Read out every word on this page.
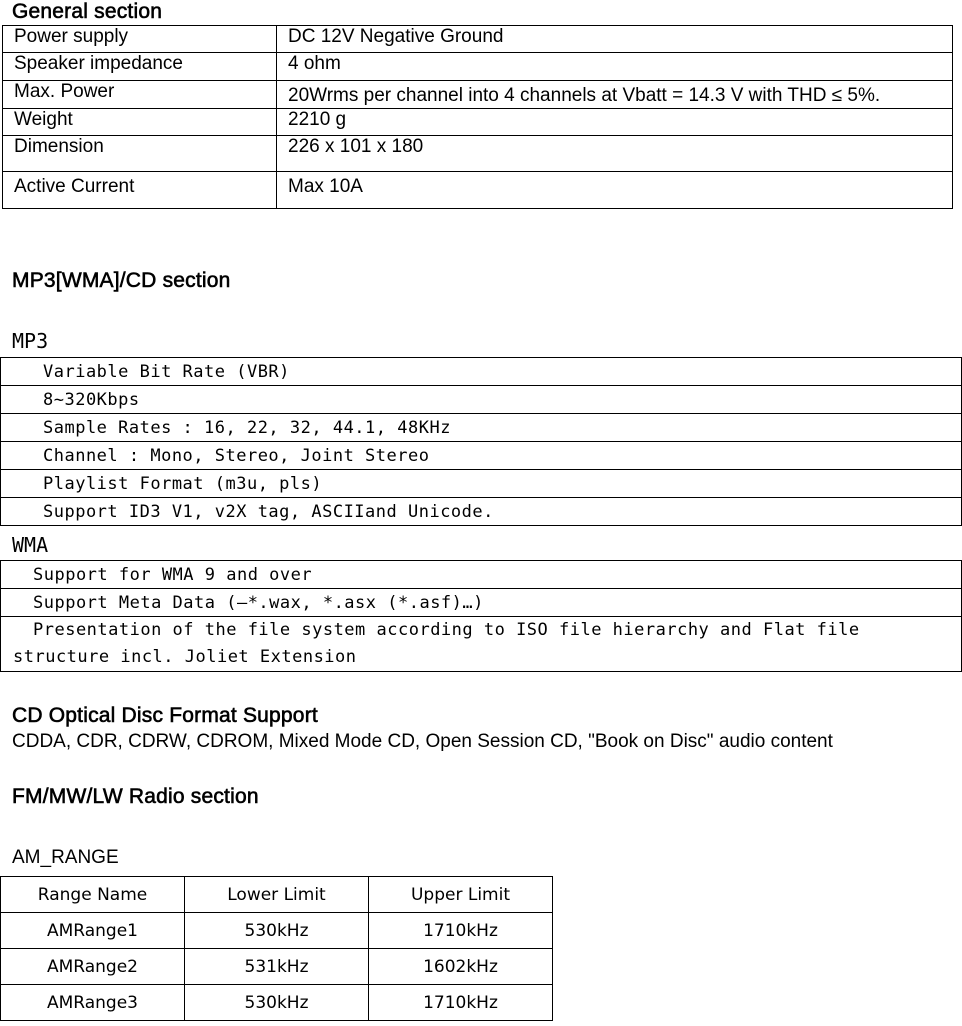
General section
Power supply	DC 12V Negative Ground
Speaker impedance	4 ohm
Max. Power	20Wrms per channel into 4 channels at Vbatt = 14.3 V with THD ≤ 5%.
Weight	2210 g
Dimension	226 x 101 x 180
Active Current	Max 10A
MP3[WMA]/CD section
MP3
Variable Bit Rate (VBR)
8~320Kbps
Sample Rates : 16, 22, 32, 44.1, 48KHz
Channel : Mono, Stereo, Joint Stereo
Playlist Format (m3u, pls)
Support ID3 V1, v2X tag, ASCIIand Unicode.
WMA
Support for WMA 9 and over
Support Meta Data (—*.wax, *.asx (*.asf)…)
Presentation of the file system according to ISO file hierarchy and Flat file structure incl. Joliet Extension
CD Optical Disc Format Support

CDDA, CDR, CDRW, CDROM, Mixed Mode CD, Open Session CD, "Book on Disc" audio content

FM/MW/LW Radio section

AM_RANGE

Range Name	Lower Limit	Upper Limit
AMRange1	530kHz	1710kHz
AMRange2	531kHz	1602kHz
AMRange3	530kHz	1710kHz
